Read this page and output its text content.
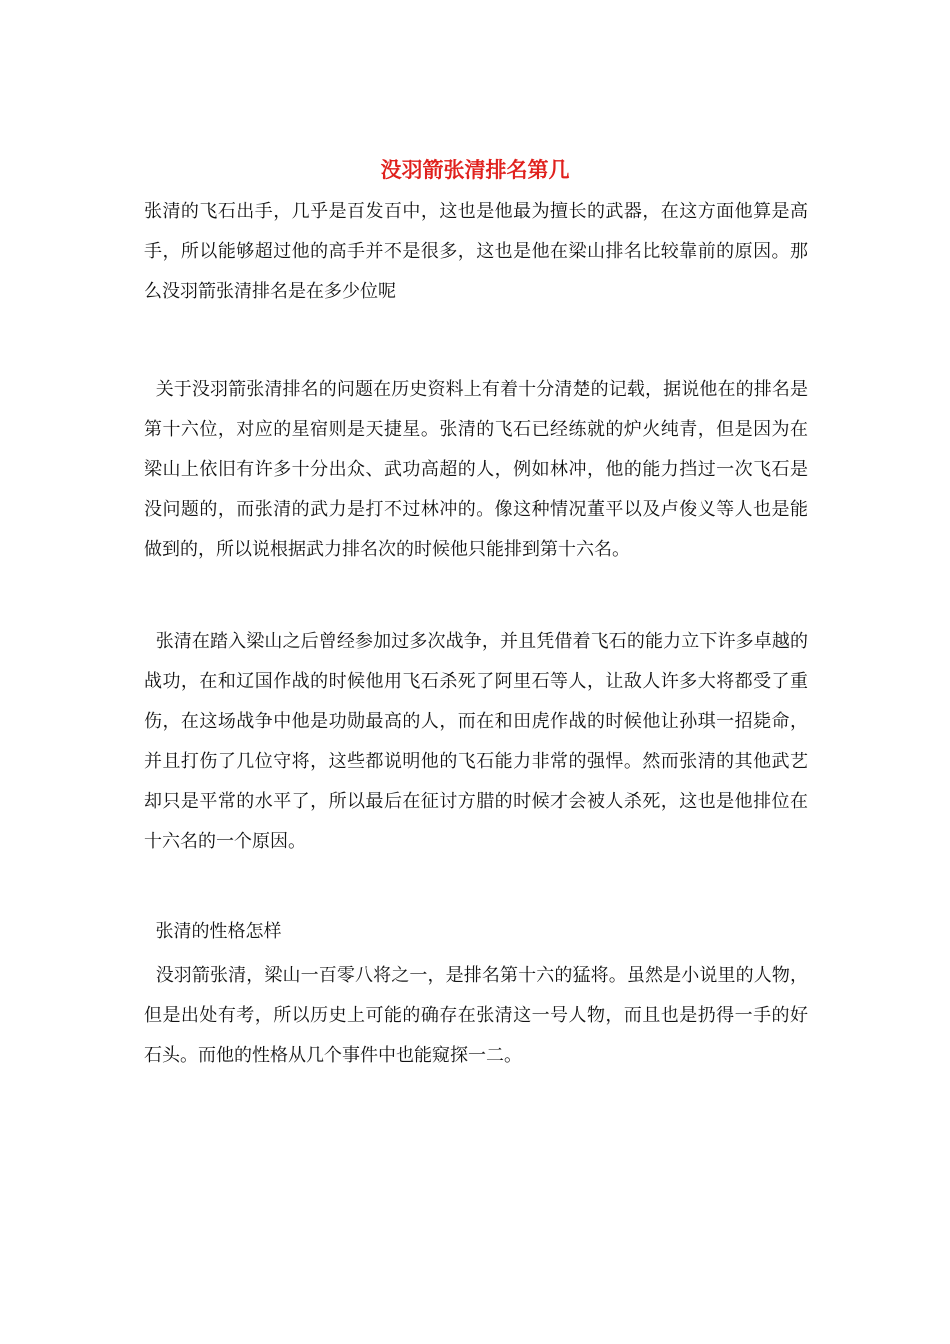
没羽箭张清排名第几

张清的飞石出手，几乎是百发百中，这也是他最为擅长的武器，在这方面他算是高手，所以能够超过他的高手并不是很多，这也是他在梁山排名比较靠前的原因。那么没羽箭张清排名是在多少位呢

关于没羽箭张清排名的问题在历史资料上有着十分清楚的记载，据说他在的排名是第十六位，对应的星宿则是天捷星。张清的飞石已经练就的炉火纯青，但是因为在梁山上依旧有许多十分出众、武功高超的人，例如林冲，他的能力挡过一次飞石是没问题的，而张清的武力是打不过林冲的。像这种情况董平以及卢俊义等人也是能做到的，所以说根据武力排名次的时候他只能排到第十六名。

张清在踏入梁山之后曾经参加过多次战争，并且凭借着飞石的能力立下许多卓越的战功，在和辽国作战的时候他用飞石杀死了阿里石等人，让敌人许多大将都受了重伤，在这场战争中他是功勋最高的人，而在和田虎作战的时候他让孙琪一招毙命，并且打伤了几位守将，这些都说明他的飞石能力非常的强悍。然而张清的其他武艺却只是平常的水平了，所以最后在征讨方腊的时候才会被人杀死，这也是他排位在十六名的一个原因。

张清的性格怎样

没羽箭张清，梁山一百零八将之一，是排名第十六的猛将。虽然是小说里的人物，但是出处有考，所以历史上可能的确存在张清这一号人物，而且也是扔得一手的好石头。而他的性格从几个事件中也能窥探一二。
